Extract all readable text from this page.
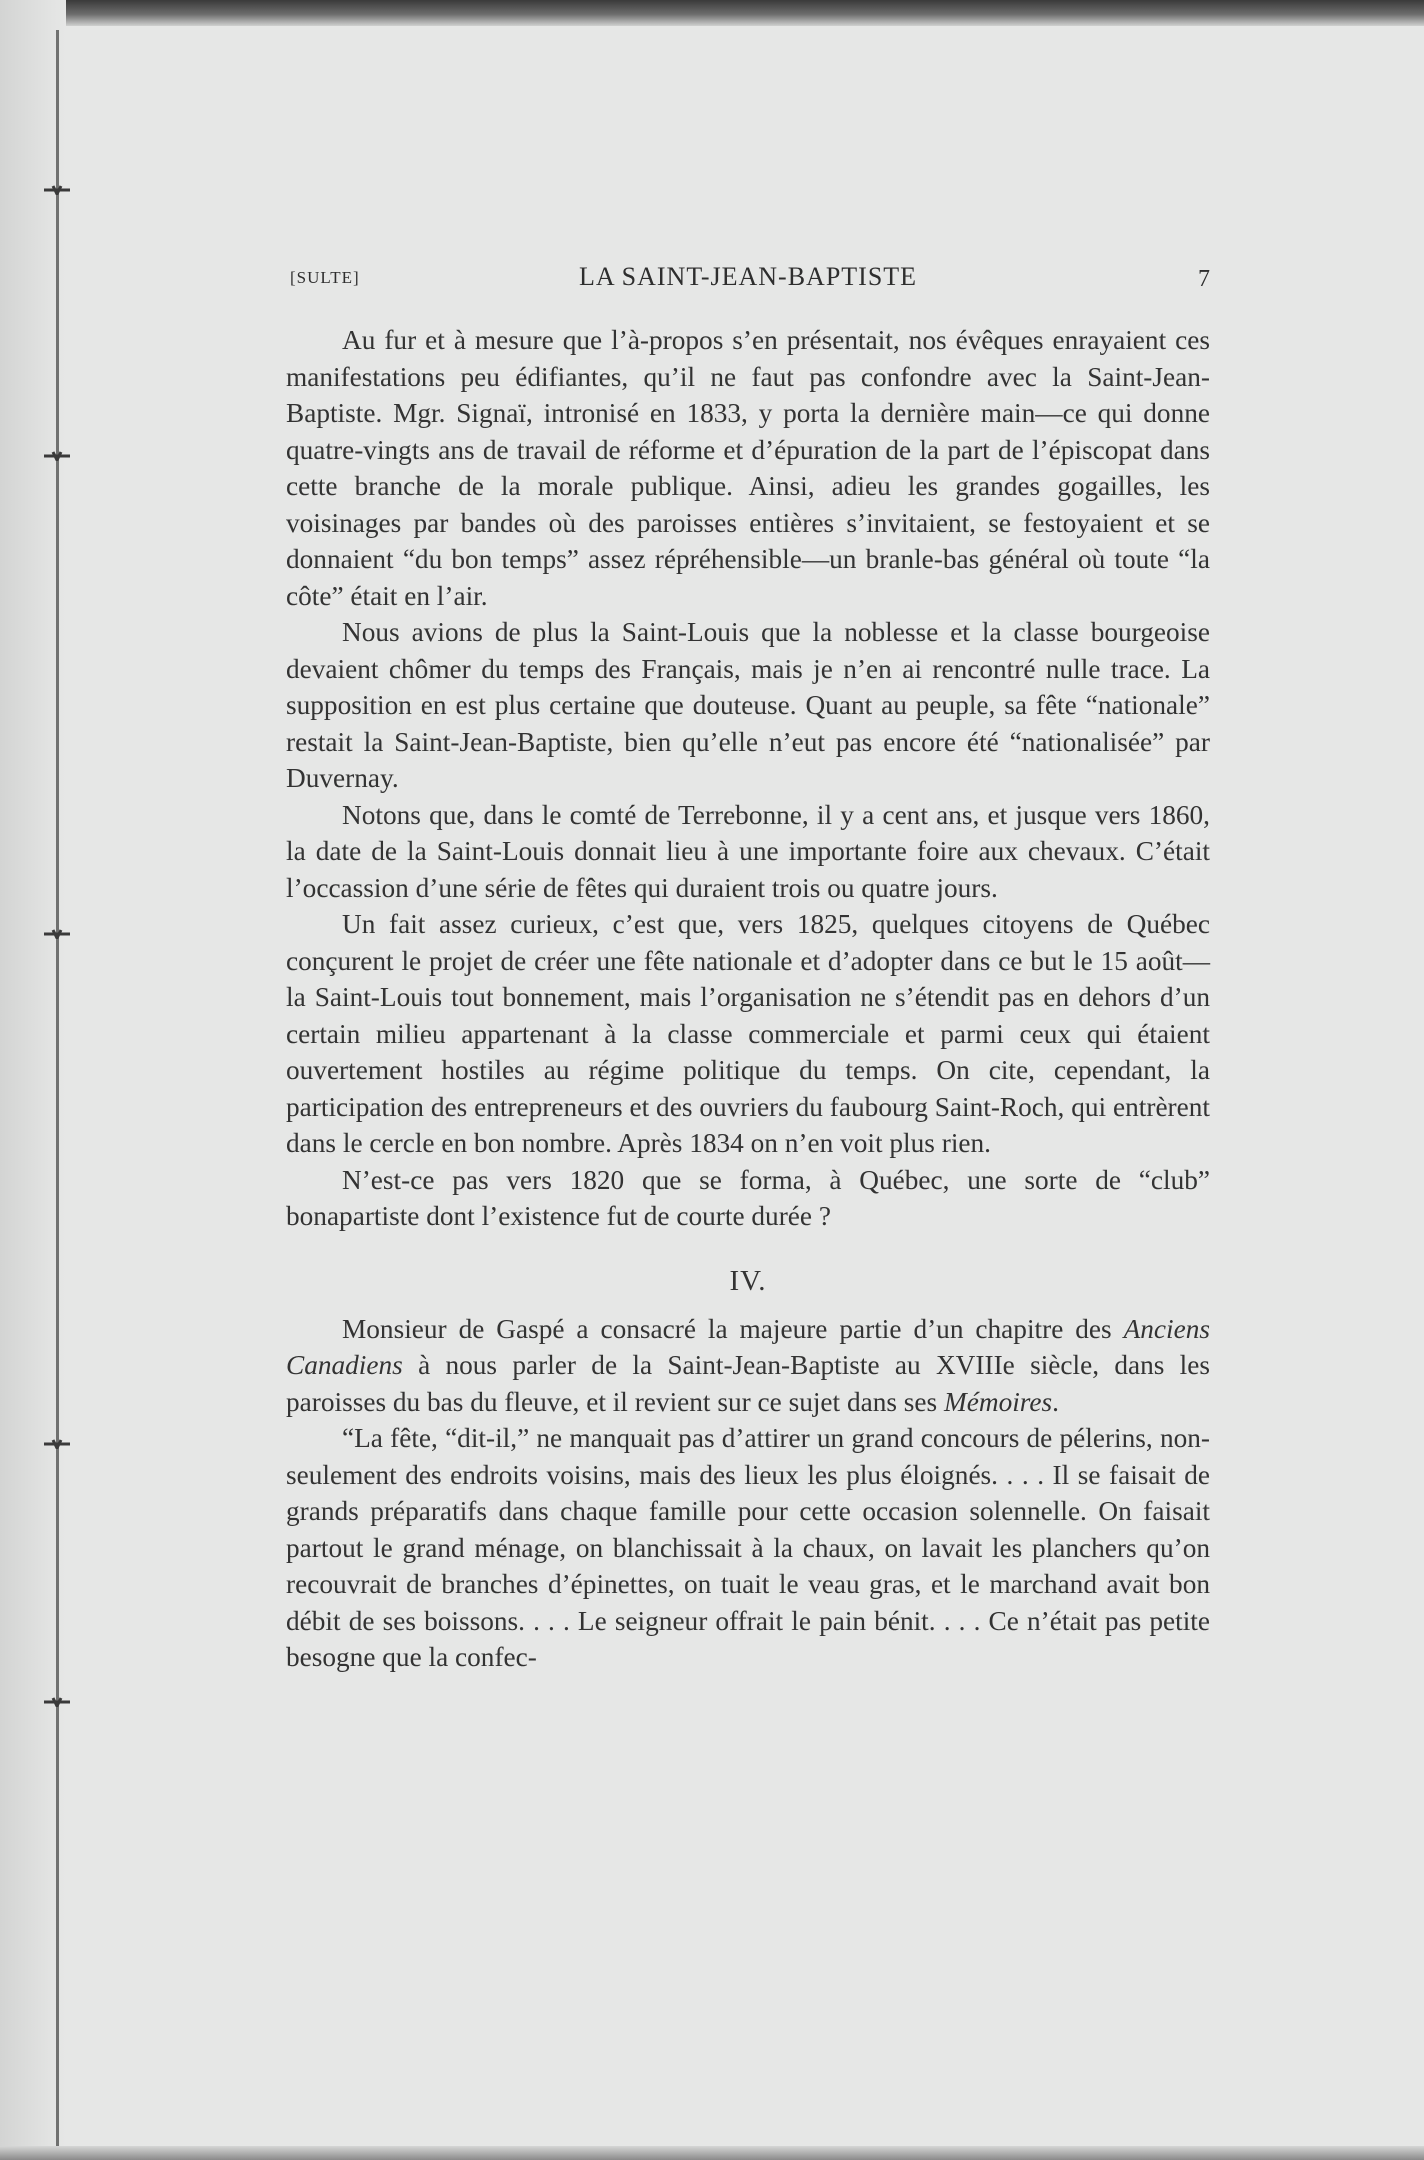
[SULTE]	LA SAINT-JEAN-BAPTISTE	7

Au fur et à mesure que l’à-propos s’en présentait, nos évêques enrayaient ces manifestations peu édifiantes, qu’il ne faut pas confondre avec la Saint-Jean-Baptiste. Mgr. Signaï, intronisé en 1833, y porta la dernière main—ce qui donne quatre-vingts ans de travail de réforme et d’épuration de la part de l’épiscopat dans cette branche de la morale publique. Ainsi, adieu les grandes gogailles, les voisinages par bandes où des paroisses entières s’invitaient, se festoyaient et se donnaient “du bon temps” assez répréhensible—un branle-bas général où toute “la côte” était en l’air.

Nous avions de plus la Saint-Louis que la noblesse et la classe bourgeoise devaient chômer du temps des Français, mais je n’en ai rencontré nulle trace. La supposition en est plus certaine que douteuse. Quant au peuple, sa fête “nationale” restait la Saint-Jean-Baptiste, bien qu’elle n’eut pas encore été “nationalisée” par Duvernay.

Notons que, dans le comté de Terrebonne, il y a cent ans, et jusque vers 1860, la date de la Saint-Louis donnait lieu à une importante foire aux chevaux. C’était l’occassion d’une série de fêtes qui duraient trois ou quatre jours.

Un fait assez curieux, c’est que, vers 1825, quelques citoyens de Québec conçurent le projet de créer une fête nationale et d’adopter dans ce but le 15 août—la Saint-Louis tout bonnement, mais l’organisation ne s’étendit pas en dehors d’un certain milieu appartenant à la classe commerciale et parmi ceux qui étaient ouvertement hostiles au régime politique du temps. On cite, cependant, la participation des entrepreneurs et des ouvriers du faubourg Saint-Roch, qui entrèrent dans le cercle en bon nombre. Après 1834 on n’en voit plus rien.

N’est-ce pas vers 1820 que se forma, à Québec, une sorte de “club” bonapartiste dont l’existence fut de courte durée ?

IV.

Monsieur de Gaspé a consacré la majeure partie d’un chapitre des Anciens Canadiens à nous parler de la Saint-Jean-Baptiste au XVIIIe siècle, dans les paroisses du bas du fleuve, et il revient sur ce sujet dans ses Mémoires.

“La fête, “dit-il,” ne manquait pas d’attirer un grand concours de pélerins, non-seulement des endroits voisins, mais des lieux les plus éloignés. . . . Il se faisait de grands préparatifs dans chaque famille pour cette occasion solennelle. On faisait partout le grand ménage, on blanchissait à la chaux, on lavait les planchers qu’on recouvrait de branches d’épinettes, on tuait le veau gras, et le marchand avait bon débit de ses boissons. . . . Le seigneur offrait le pain bénit. . . . Ce n’était pas petite besogne que la confec-
